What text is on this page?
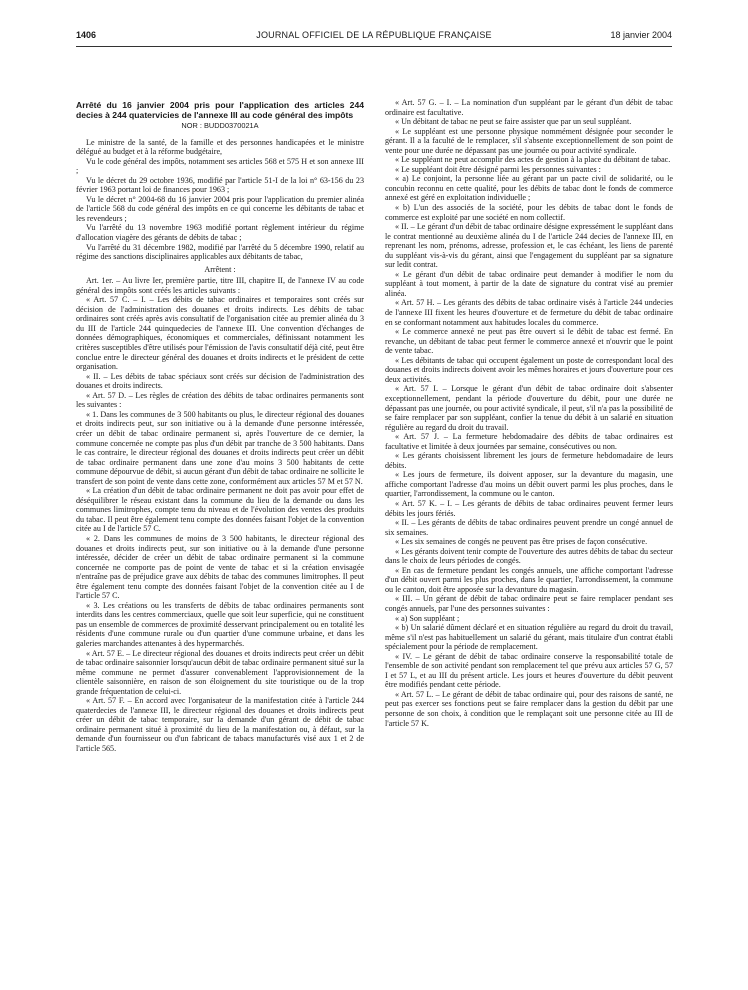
1406	JOURNAL OFFICIEL DE LA RÉPUBLIQUE FRANÇAISE	18 janvier 2004
Arrêté du 16 janvier 2004 pris pour l'application des articles 244 decies à 244 quatervicies de l'annexe III au code général des impôts
NOR : BUDD0370021A

Le ministre de la santé, de la famille et des personnes handicapées et le ministre délégué au budget et à la réforme budgétaire,

Vu le code général des impôts, notamment ses articles 568 et 575 H et son annexe III ;

Vu le décret du 29 octobre 1936, modifié par l'article 51-I de la loi n° 63-156 du 23 février 1963 portant loi de finances pour 1963 ;

Vu le décret n° 2004-68 du 16 janvier 2004 pris pour l'application du premier alinéa de l'article 568 du code général des impôts en ce qui concerne les débitants de tabac et les revendeurs ;

Vu l'arrêté du 13 novembre 1963 modifié portant règlement intérieur du régime d'allocation viagère des gérants de débits de tabac ;

Vu l'arrêté du 31 décembre 1982, modifié par l'arrêté du 5 décembre 1990, relatif au régime des sanctions disciplinaires applicables aux débitants de tabac,

Arrêtent :

Art. 1er. – Au livre Ier, première partie, titre III, chapitre II, de l'annexe IV au code général des impôts sont créés les articles suivants :

« Art. 57 C. – I. – Les débits de tabac ordinaires et temporaires sont créés sur décision de l'administration des douanes et droits indirects. Les débits de tabac ordinaires sont créés après avis consultatif de l'organisation citée au premier alinéa du 3 du III de l'article 244 quinquedecies de l'annexe III. Une convention d'échanges de données démographiques, économiques et commerciales, définissant notamment les critères susceptibles d'être utilisés pour l'émission de l'avis consultatif déjà cité, peut être conclue entre le directeur général des douanes et droits indirects et le président de cette organisation.

« II. – Les débits de tabac spéciaux sont créés sur décision de l'administration des douanes et droits indirects.

« Art. 57 D. – Les règles de création des débits de tabac ordinaires permanents sont les suivantes :

« 1. Dans les communes de 3 500 habitants ou plus, le directeur régional des douanes et droits indirects peut, sur son initiative ou à la demande d'une personne intéressée, créer un débit de tabac ordinaire permanent si, après l'ouverture de ce dernier, la commune concernée ne compte pas plus d'un débit par tranche de 3 500 habitants. Dans le cas contraire, le directeur régional des douanes et droits indirects peut créer un débit de tabac ordinaire permanent dans une zone d'au moins 3 500 habitants de cette commune dépourvue de débit, si aucun gérant d'un débit de tabac ordinaire ne sollicite le transfert de son point de vente dans cette zone, conformément aux articles 57 M et 57 N.

« La création d'un débit de tabac ordinaire permanent ne doit pas avoir pour effet de déséquilibrer le réseau existant dans la commune du lieu de la demande ou dans les communes limitrophes, compte tenu du niveau et de l'évolution des ventes des produits du tabac. Il peut être également tenu compte des données faisant l'objet de la convention citée au I de l'article 57 C.

« 2. Dans les communes de moins de 3 500 habitants, le directeur régional des douanes et droits indirects peut, sur son initiative ou à la demande d'une personne intéressée, décider de créer un débit de tabac ordinaire permanent si la commune concernée ne comporte pas de point de vente de tabac et si la création envisagée n'entraîne pas de préjudice grave aux débits de tabac des communes limitrophes. Il peut être également tenu compte des données faisant l'objet de la convention citée au I de l'article 57 C.

« 3. Les créations ou les transferts de débits de tabac ordinaires permanents sont interdits dans les centres commerciaux, quelle que soit leur superficie, qui ne constituent pas un ensemble de commerces de proximité desservant principalement ou en totalité les résidents d'une commune rurale ou d'un quartier d'une commune urbaine, et dans les galeries marchandes attenantes à des hypermarchés.

« Art. 57 E. – Le directeur régional des douanes et droits indirects peut créer un débit de tabac ordinaire saisonnier lorsqu'aucun débit de tabac ordinaire permanent situé sur la même commune ne permet d'assurer convenablement l'approvisionnement de la clientèle saisonnière, en raison de son éloignement du site touristique ou de la trop grande fréquentation de celui-ci.

« Art. 57 F. – En accord avec l'organisateur de la manifestation citée à l'article 244 quaterdecies de l'annexe III, le directeur régional des douanes et droits indirects peut créer un débit de tabac temporaire, sur la demande d'un gérant de débit de tabac ordinaire permanent situé à proximité du lieu de la manifestation ou, à défaut, sur la demande d'un fournisseur ou d'un fabricant de tabacs manufacturés visé aux 1 et 2 de l'article 565.

« Art. 57 G. – I. – La nomination d'un suppléant par le gérant d'un débit de tabac ordinaire est facultative.

« Un débitant de tabac ne peut se faire assister que par un seul suppléant.

« Le suppléant est une personne physique nommément désignée pour seconder le gérant. Il a la faculté de le remplacer, s'il s'absente exceptionnellement de son point de vente pour une durée ne dépassant pas une journée ou pour activité syndicale.

« Le suppléant ne peut accomplir des actes de gestion à la place du débitant de tabac.

« Le suppléant doit être désigné parmi les personnes suivantes :

« a) Le conjoint, la personne liée au gérant par un pacte civil de solidarité, ou le concubin reconnu en cette qualité, pour les débits de tabac dont le fonds de commerce annexé est géré en exploitation individuelle ;

« b) L'un des associés de la société, pour les débits de tabac dont le fonds de commerce est exploité par une société en nom collectif.

« II. – Le gérant d'un débit de tabac ordinaire désigne expressément le suppléant dans le contrat mentionné au deuxième alinéa du I de l'article 244 decies de l'annexe III, en reprenant les nom, prénoms, adresse, profession et, le cas échéant, les liens de parenté du suppléant vis-à-vis du gérant, ainsi que l'engagement du suppléant par sa signature sur ledit contrat.

« Le gérant d'un débit de tabac ordinaire peut demander à modifier le nom du suppléant à tout moment, à partir de la date de signature du contrat visé au premier alinéa.

« Art. 57 H. – Les gérants des débits de tabac ordinaire visés à l'article 244 undecies de l'annexe III fixent les heures d'ouverture et de fermeture du débit de tabac ordinaire en se conformant notamment aux habitudes locales du commerce.

« Le commerce annexé ne peut pas être ouvert si le débit de tabac est fermé. En revanche, un débitant de tabac peut fermer le commerce annexé et n'ouvrir que le point de vente tabac.

« Les débitants de tabac qui occupent également un poste de correspondant local des douanes et droits indirects doivent avoir les mêmes horaires et jours d'ouverture pour ces deux activités.

« Art. 57 I. – Lorsque le gérant d'un débit de tabac ordinaire doit s'absenter exceptionnellement, pendant la période d'ouverture du débit, pour une durée ne dépassant pas une journée, ou pour activité syndicale, il peut, s'il n'a pas la possibilité de se faire remplacer par son suppléant, confier la tenue du débit à un salarié en situation régulière au regard du droit du travail.

« Art. 57 J. – La fermeture hebdomadaire des débits de tabac ordinaires est facultative et limitée à deux journées par semaine, consécutives ou non.

« Les gérants choisissent librement les jours de fermeture hebdomadaire de leurs débits.

« Les jours de fermeture, ils doivent apposer, sur la devanture du magasin, une affiche comportant l'adresse d'au moins un débit ouvert parmi les plus proches, dans le quartier, l'arrondissement, la commune ou le canton.

« Art. 57 K. – I. – Les gérants de débits de tabac ordinaires peuvent fermer leurs débits les jours fériés.

« II. – Les gérants de débits de tabac ordinaires peuvent prendre un congé annuel de six semaines.

« Les six semaines de congés ne peuvent pas être prises de façon consécutive.

« Les gérants doivent tenir compte de l'ouverture des autres débits de tabac du secteur dans le choix de leurs périodes de congés.

« En cas de fermeture pendant les congés annuels, une affiche comportant l'adresse d'un débit ouvert parmi les plus proches, dans le quartier, l'arrondissement, la commune ou le canton, doit être apposée sur la devanture du magasin.

« III. – Un gérant de débit de tabac ordinaire peut se faire remplacer pendant ses congés annuels, par l'une des personnes suivantes :

« a) Son suppléant ;

« b) Un salarié dûment déclaré et en situation régulière au regard du droit du travail, même s'il n'est pas habituellement un salarié du gérant, mais titulaire d'un contrat établi spécialement pour la période de remplacement.

« IV. – Le gérant de débit de tabac ordinaire conserve la responsabilité totale de l'ensemble de son activité pendant son remplacement tel que prévu aux articles 57 G, 57 I et 57 L, et au III du présent article. Les jours et heures d'ouverture du débit peuvent être modifiés pendant cette période.

« Art. 57 L. – Le gérant de débit de tabac ordinaire qui, pour des raisons de santé, ne peut pas exercer ses fonctions peut se faire remplacer dans la gestion du débit par une personne de son choix, à condition que le remplaçant soit une personne citée au III de l'article 57 K.
